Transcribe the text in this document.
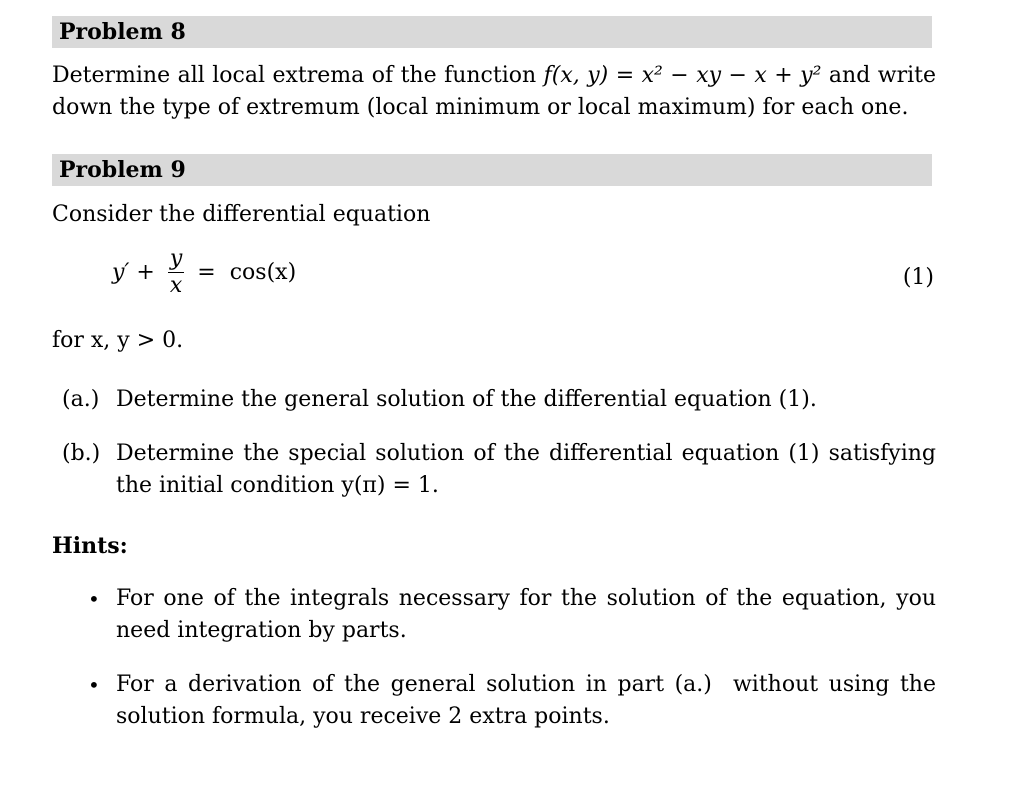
Problem 8
Determine all local extrema of the function f(x, y) = x² − xy − x + y² and write
down the type of extremum (local minimum or local maximum) for each one.
Problem 9
Consider the differential equation
$y' + \frac{y}{x} = \cos(x)$	(1)
for x, y > 0.
(a.) Determine the general solution of the differential equation (1).
(b.) Determine the special solution of the differential equation (1) satisfying
the initial condition y(π) = 1.
Hints:
• For one of the integrals necessary for the solution of the equation, you
need integration by parts.
• For a derivation of the general solution in part (a.)  without using the
solution formula, you receive 2 extra points.
